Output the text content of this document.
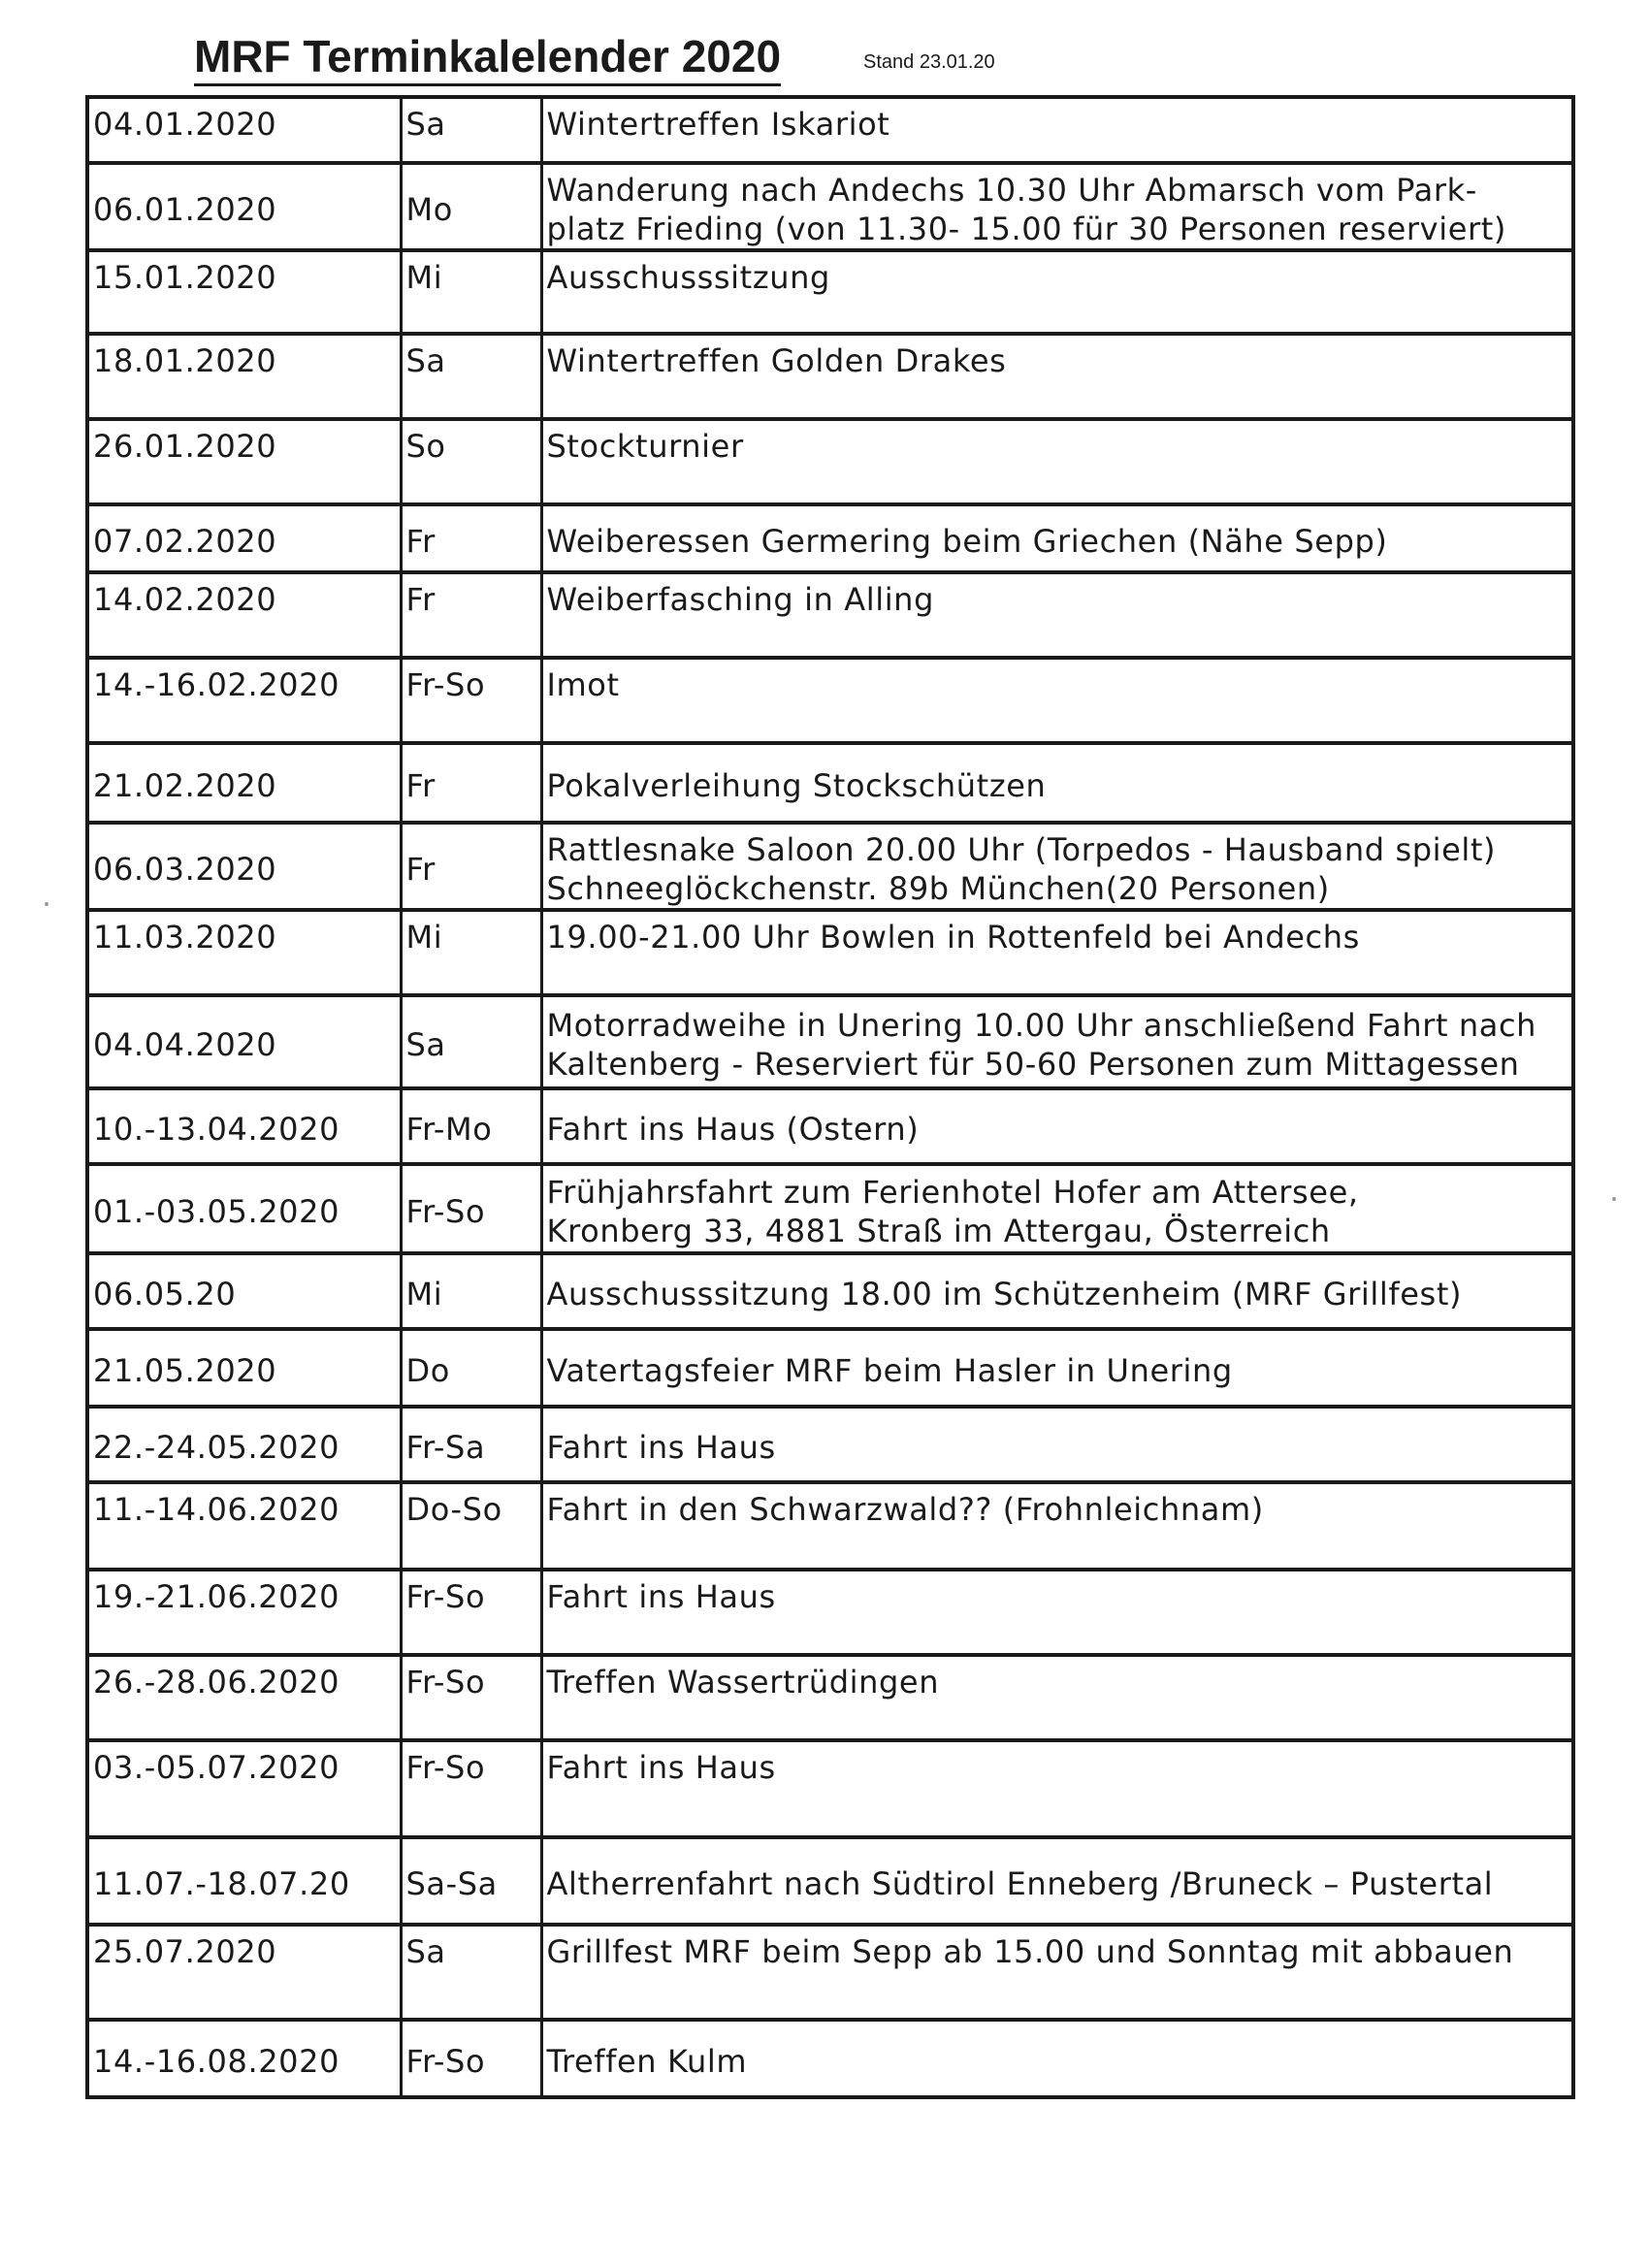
MRF Terminkalelender 2020	Stand 23.01.20
04.01.2020	Sa	Wintertreffen Iskariot

06.01.2020	Mo	Wanderung nach Andechs 10.30 Uhr Abmarsch vom Park-
platz Frieding (von 11.30- 15.00 für 30 Personen reserviert)

15.01.2020	Mi	Ausschusssitzung

18.01.2020	Sa	Wintertreffen Golden Drakes

26.01.2020	So	Stockturnier

07.02.2020	Fr	Weiberessen Germering beim Griechen (Nähe Sepp)

14.02.2020	Fr	Weiberfasching in Alling

14.-16.02.2020	Fr-So	Imot

21.02.2020	Fr	Pokalverleihung Stockschützen

06.03.2020	Fr	Rattlesnake Saloon 20.00 Uhr (Torpedos - Hausband spielt)
Schneeglöckchenstr. 89b München(20 Personen)

11.03.2020	Mi	19.00-21.00 Uhr Bowlen in Rottenfeld bei Andechs

04.04.2020	Sa	Motorradweihe in Unering 10.00 Uhr anschließend Fahrt nach
Kaltenberg - Reserviert für 50-60 Personen zum Mittagessen

10.-13.04.2020	Fr-Mo	Fahrt ins Haus (Ostern)

01.-03.05.2020	Fr-So	Frühjahrsfahrt zum Ferienhotel Hofer am Attersee,
Kronberg 33, 4881 Straß im Attergau, Österreich

06.05.20	Mi	Ausschusssitzung 18.00 im Schützenheim (MRF Grillfest)

21.05.2020	Do	Vatertagsfeier MRF beim Hasler in Unering

22.-24.05.2020	Fr-Sa	Fahrt ins Haus

11.-14.06.2020	Do-So	Fahrt in den Schwarzwald?? (Frohnleichnam)

19.-21.06.2020	Fr-So	Fahrt ins Haus

26.-28.06.2020	Fr-So	Treffen Wassertrüdingen

03.-05.07.2020	Fr-So	Fahrt ins Haus

11.07.-18.07.20	Sa-Sa	Altherrenfahrt nach Südtirol Enneberg /Bruneck – Pustertal

25.07.2020	Sa	Grillfest MRF beim Sepp ab 15.00 und Sonntag mit abbauen

14.-16.08.2020	Fr-So	Treffen Kulm
